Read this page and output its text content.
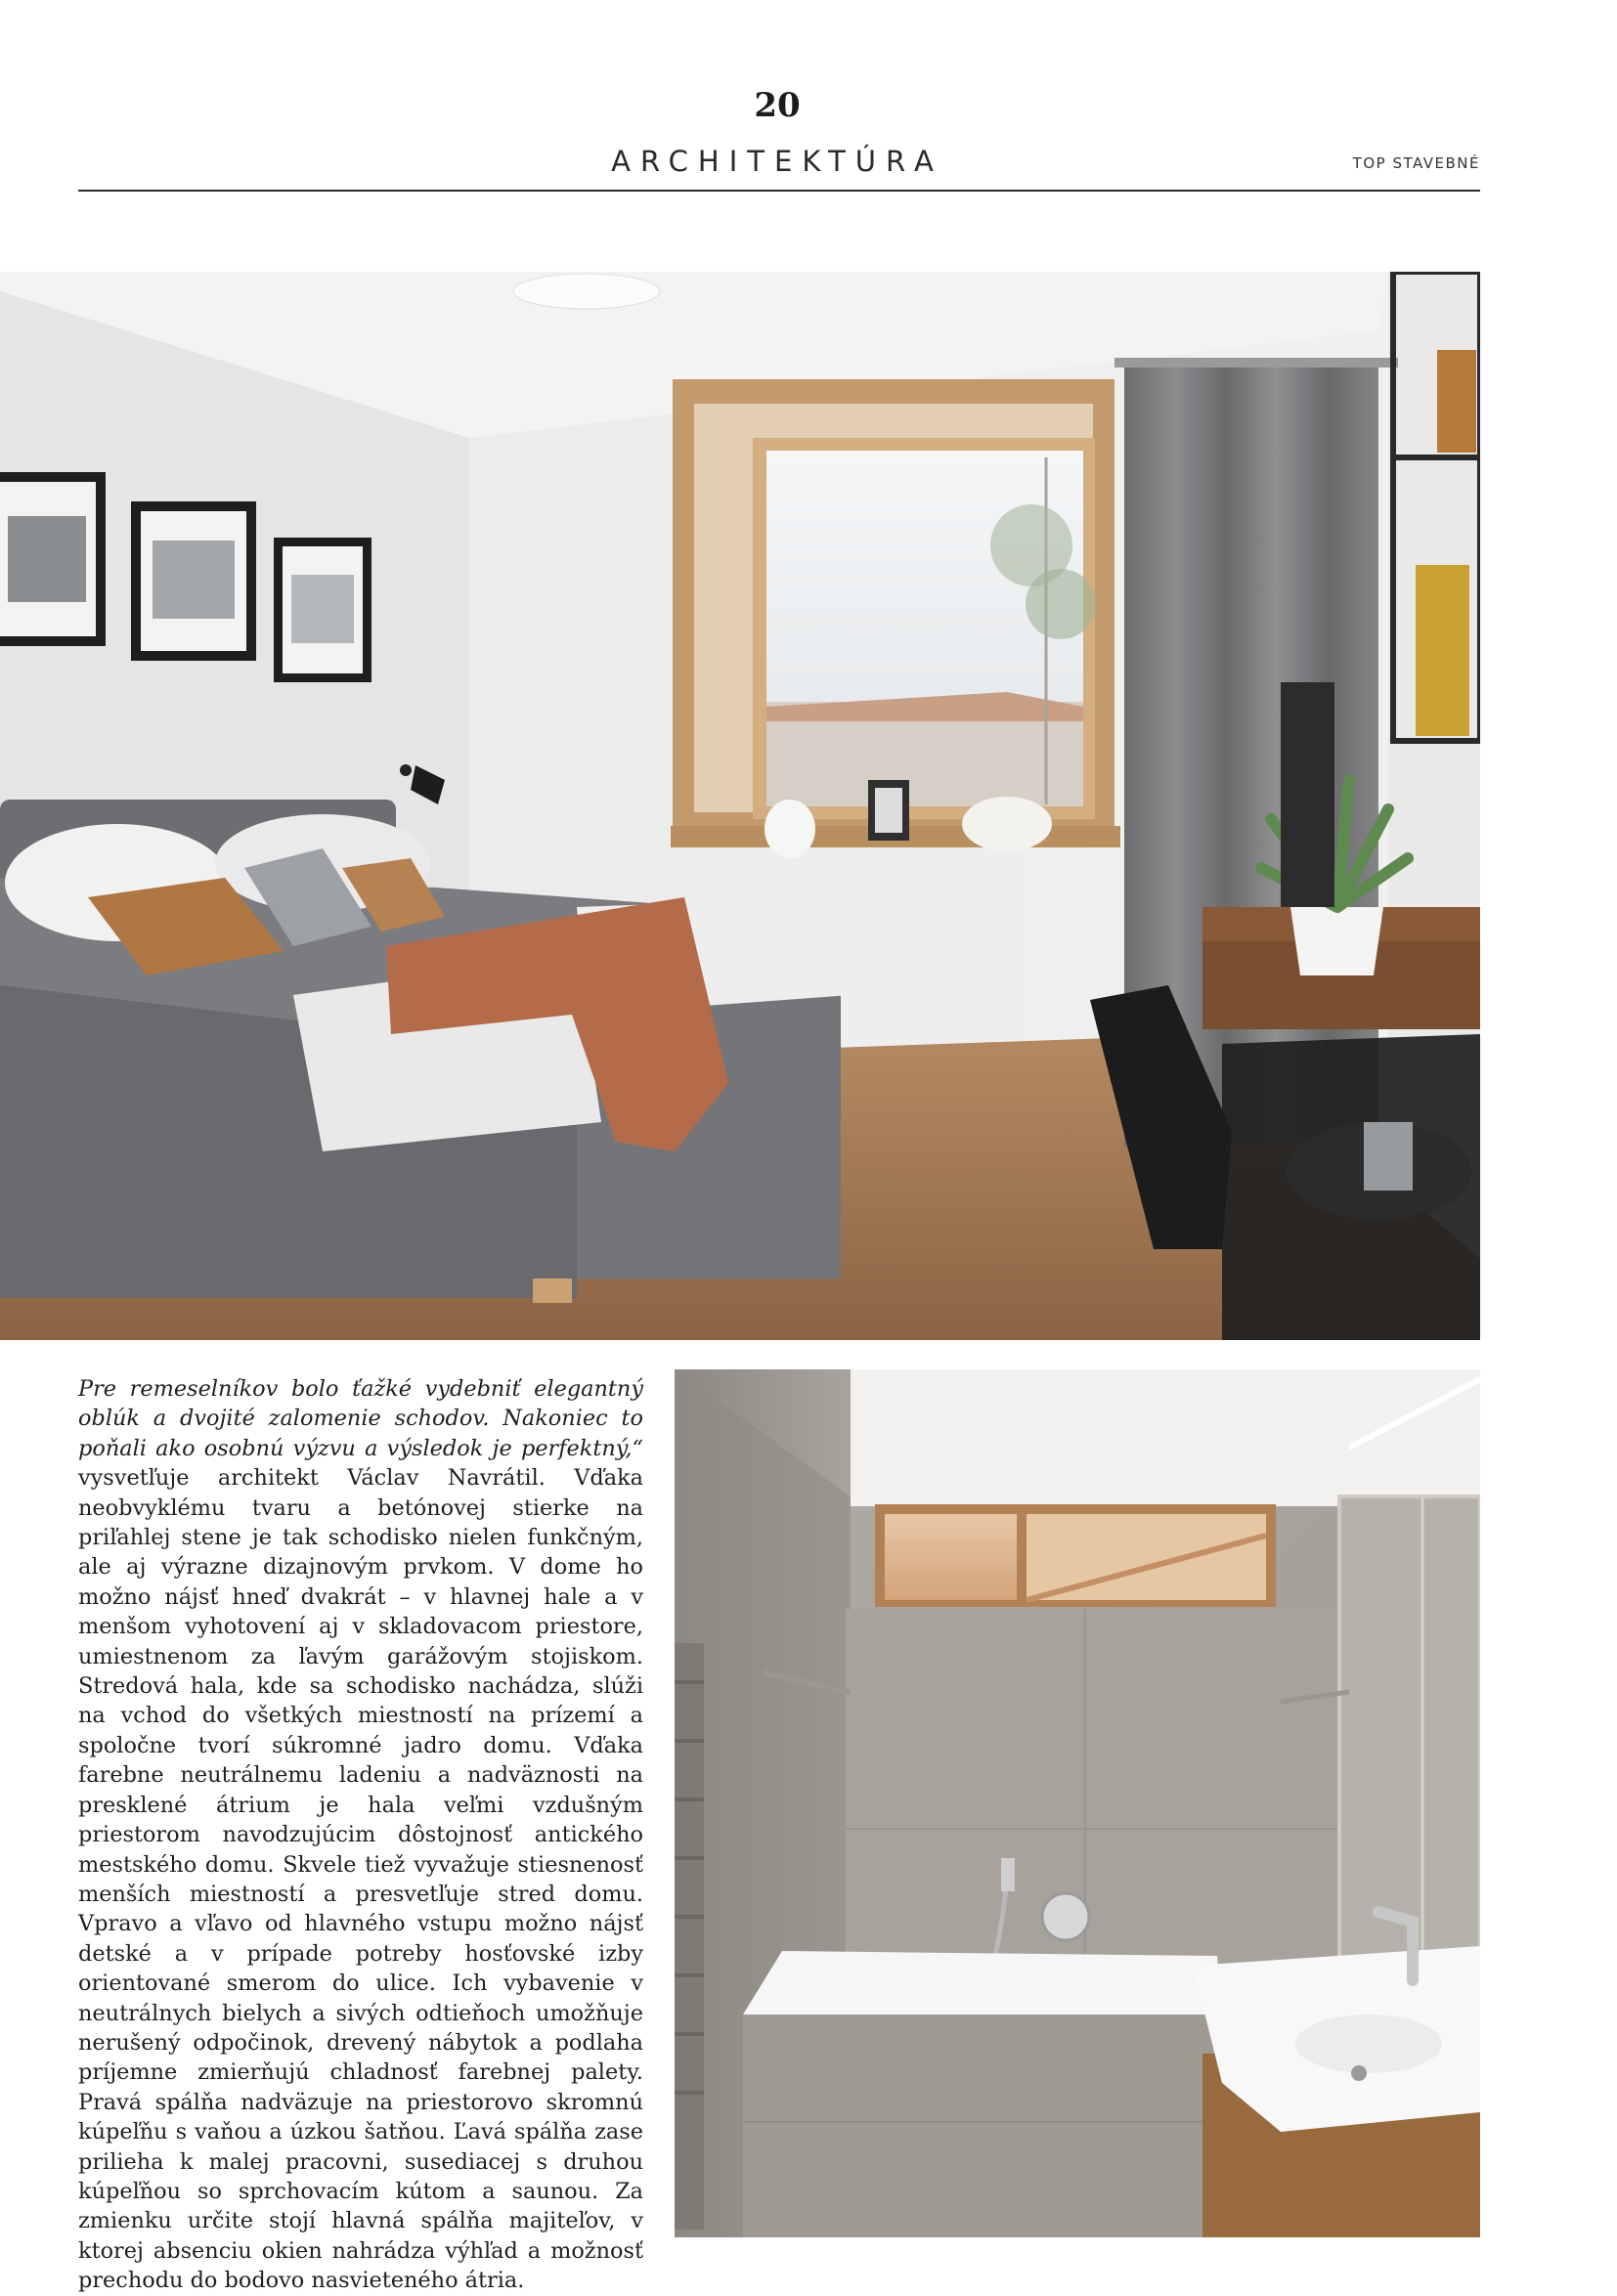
20
ARCHITEKTÚRA	TOP STAVEBNÉ

Pre remeselníkov bolo ťažké vydebniť elegantný oblúk a dvojité zalomenie schodov. Nakoniec to poňali ako osobnú výzvu a výsledok je perfektný,“ vysvetľuje architekt Václav Navrátil. Vďaka neobvyklému tvaru a betónovej stierke na priľahlej stene je tak schodisko nielen funkčným, ale aj výrazne dizajnovým prvkom. V dome ho možno nájsť hneď dvakrát – v hlavnej hale a v menšom vyhotovení aj v skladovacom priestore, umiestnenom za ľavým garážovým stojiskom. Stredová hala, kde sa schodisko nachádza, slúži na vchod do všetkých miestností na prízemí a spoločne tvorí súkromné jadro domu. Vďaka farebne neutrálnemu ladeniu a nadväznosti na presklené átrium je hala veľmi vzdušným priestorom navodzujúcim dôstojnosť antického mestského domu. Skvele tiež vyvažuje stiesnenosť menších miestností a presvetľuje stred domu. Vpravo a vľavo od hlavného vstupu možno nájsť detské a v prípade potreby hosťovské izby orientované smerom do ulice. Ich vybavenie v neutrálnych bielych a sivých odtieňoch umožňuje nerušený odpočinok, drevený nábytok a podlaha príjemne zmierňujú chladnosť farebnej palety. Pravá spálňa nadväzuje na priestorovo skromnú kúpeľňu s vaňou a úzkou šatňou. Ľavá spálňa zase prilieha k malej pracovni, susediacej s druhou kúpeľňou so sprchovacím kútom a saunou. Za zmienku určite stojí hlavná spálňa majiteľov, v ktorej absenciu okien nahrádza výhľad a možnosť prechodu do bodovo nasvieteného átria.
